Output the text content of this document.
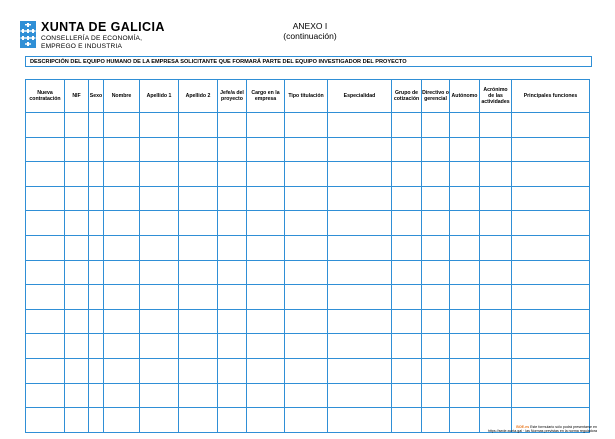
XUNTA DE GALICIA
CONSELLERÍA DE ECONOMÍA,
EMPREGO E INDUSTRIA
ANEXO I
(continuación)
DESCRIPCIÓN DEL EQUIPO HUMANO DE LA EMPRESA SOLICITANTE QUE FORMARÁ PARTE DEL EQUIPO INVESTIGADOR DEL PROYECTO
Nueva contratación	NIF	Sexo	Nombre	Apellido 1	Apellido 2	Jefe/a del proyecto	Cargo en la empresa	Tipo titulación	Especialidad	Grupo de cotización	Directivo o gerencial	Autónomo	Acrónimo de las actividades	Principales funciones

BOE.es Este formulario sólo podrá presentarse en
https://sede.xunta.gal · las Normas previstas en la norma reguladora
